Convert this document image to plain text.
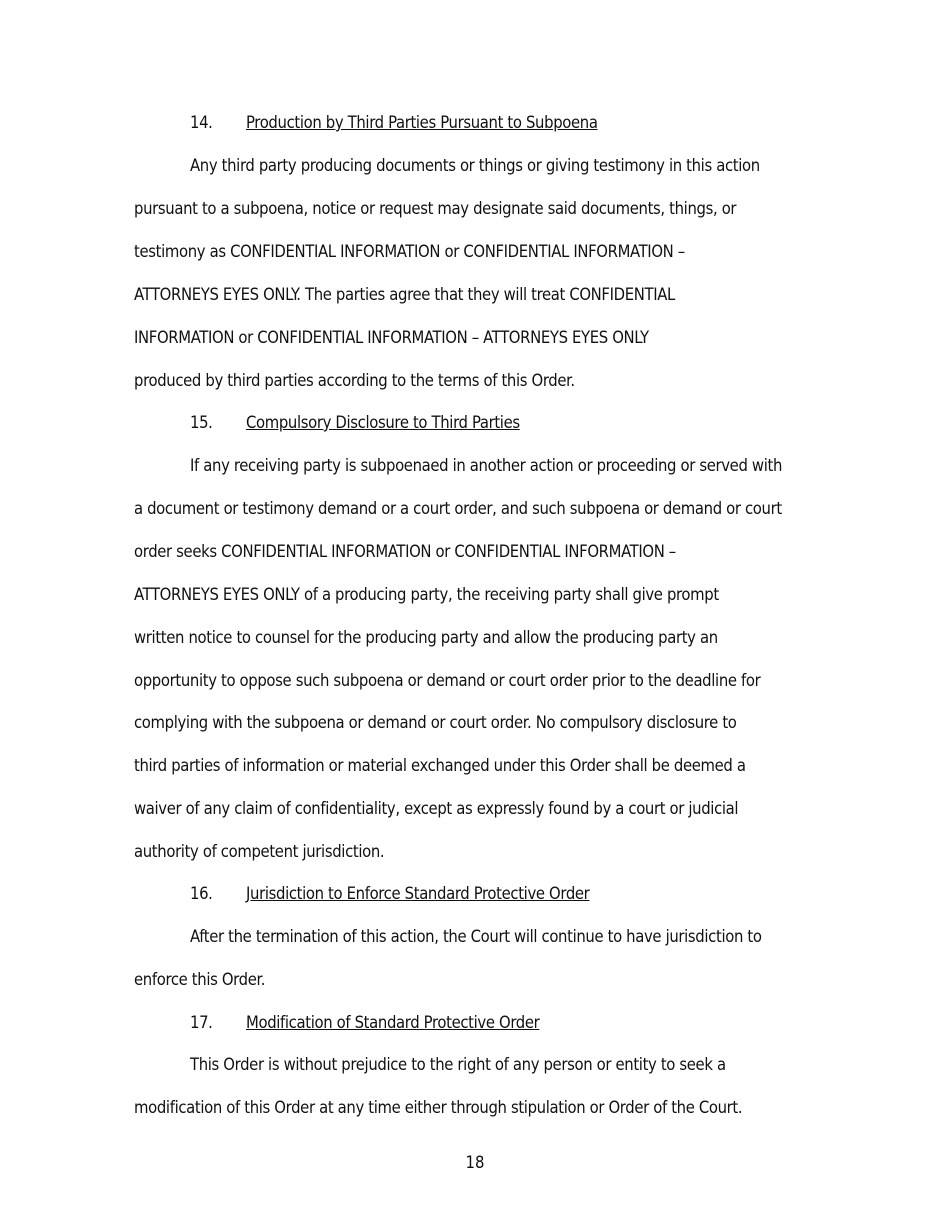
14. Production by Third Parties Pursuant to Subpoena
Any third party producing documents or things or giving testimony in this action
pursuant to a subpoena, notice or request may designate said documents, things, or
testimony as CONFIDENTIAL INFORMATION or CONFIDENTIAL INFORMATION –
ATTORNEYS EYES ONLY. The parties agree that they will treat CONFIDENTIAL
INFORMATION or CONFIDENTIAL INFORMATION – ATTORNEYS EYES ONLY
produced by third parties according to the terms of this Order.
15. Compulsory Disclosure to Third Parties
If any receiving party is subpoenaed in another action or proceeding or served with
a document or testimony demand or a court order, and such subpoena or demand or court
order seeks CONFIDENTIAL INFORMATION or CONFIDENTIAL INFORMATION –
ATTORNEYS EYES ONLY of a producing party, the receiving party shall give prompt
written notice to counsel for the producing party and allow the producing party an
opportunity to oppose such subpoena or demand or court order prior to the deadline for
complying with the subpoena or demand or court order. No compulsory disclosure to
third parties of information or material exchanged under this Order shall be deemed a
waiver of any claim of confidentiality, except as expressly found by a court or judicial
authority of competent jurisdiction.
16. Jurisdiction to Enforce Standard Protective Order
After the termination of this action, the Court will continue to have jurisdiction to
enforce this Order.
17. Modification of Standard Protective Order
This Order is without prejudice to the right of any person or entity to seek a
modification of this Order at any time either through stipulation or Order of the Court.
18
